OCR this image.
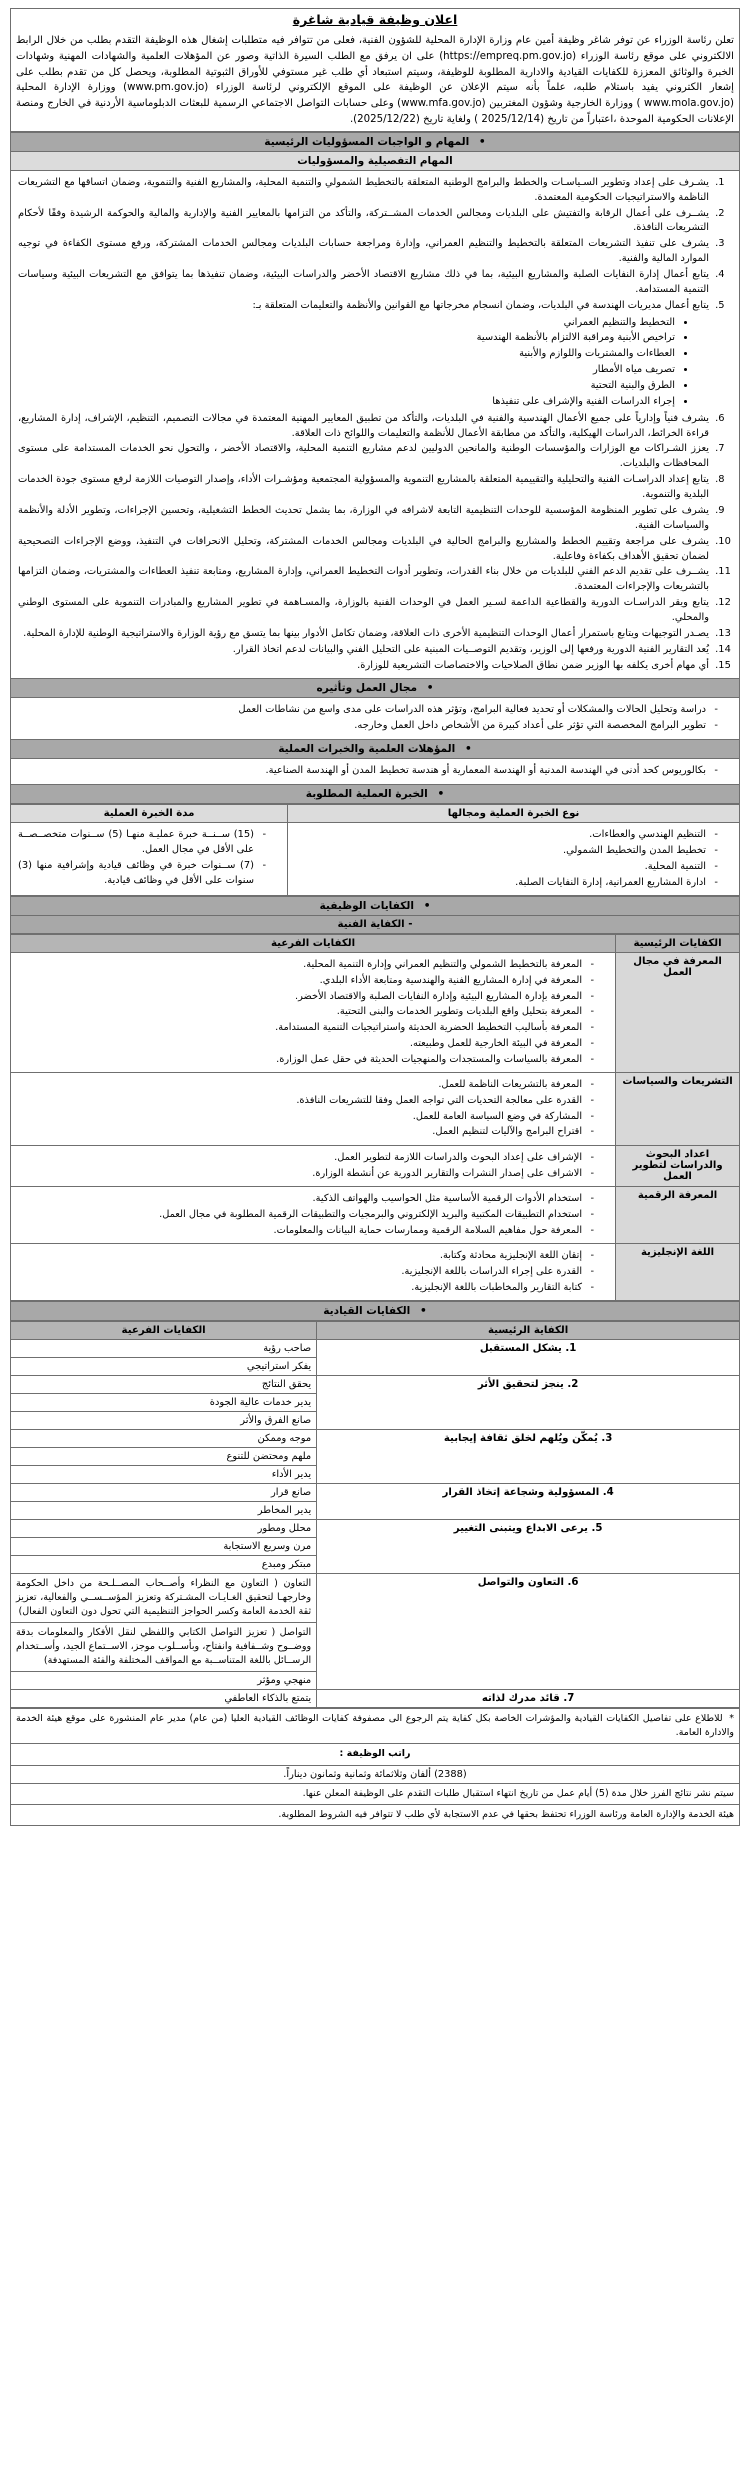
اعلان وظيفة قيادية شاغرة
تعلن رئاسة الوزراء عن توفر شاغر وظيفة أمين عام وزارة الإدارة المحلية للشؤون الفنية، فعلى من تتوافر فيه متطلبات إشغال هذه الوظيفة التقدم بطلب من خلال الرابط الالكتروني على موقع رئاسة الوزراء (https://empreq.pm.gov.jo) على ان يرفق مع الطلب السيرة الذاتية وصور عن المؤهلات العلمية والشهادات المهنية وشهادات الخبرة والوثائق المعززة للكفايات القيادية والادارية المطلوبة للوظيفة، وسيتم استبعاد أي طلب غير مستوفي للأوراق الثبوتية المطلوبة، ويحصل كل من تقدم بطلب على إشعار الكتروني يفيد باستلام طلبه، علماً بأنه سيتم الإعلان عن الوظيفة على الموقع الإلكتروني لرئاسة الوزراء (www.pm.gov.jo) ووزارة الإدارة المحلية (www.mola.gov.jo ) ووزارة الخارجية وشؤون المغتربين (www.mfa.gov.jo) وعلى حسابات التواصل الاجتماعي الرسمية للبعثات الدبلوماسية الأردنية في الخارج ومنصة الإعلانات الحكومية الموحدة ،اعتباراً من تاريخ (2025/12/14 ) ولغاية تاريخ (2025/12/22).
• المهام و الواجبات المسؤوليات الرئيسية
المهام التفصيلية والمسؤوليات

1. يشـرف على إعداد وتطوير السـياسـات والخطط والبرامج الوطنية المتعلقة بالتخطيط الشمولي والتنمية المحلية، والمشاريع الفنية والتنموية، وضمان اتساقها مع التشريعات الناظمة والاستراتيجيات الحكومية المعتمدة.
2. يشــرف على أعمال الرقابة والتفتيش على البلديات ومجالس الخدمات المشــتركة، والتأكد من التزامها بالمعايير الفنية والإدارية والمالية والحوكمة الرشيدة وفقًا لأحكام التشريعات النافذة.
3. يشرف على تنفيذ التشريعات المتعلقة بالتخطيط والتنظيم العمراني، وإدارة ومراجعة حسابات البلديات ومجالس الخدمات المشتركة، ورفع مستوى الكفاءة في توجيه الموارد المالية والفنية.
4. يتابع أعمال إدارة النفايات الصلبة والمشاريع البيئية، بما في ذلك مشاريع الاقتصاد الأخضر والدراسات البيئية، وضمان تنفيذها بما يتوافق مع التشريعات البيئية وسياسات التنمية المستدامة.
5. يتابع أعمال مديريات الهندسة في البلديات، وضمان انسجام مخرجاتها مع القوانين والأنظمة والتعليمات المتعلقة بـ:
• التخطيط والتنظيم العمراني
• تراخيص الأبنية ومراقبة الالتزام بالأنظمة الهندسية
• العطاءات والمشتريات واللوازم والأبنية
• تصريف مياه الأمطار
• الطرق والبنية التحتية
• إجراء الدراسات الفنية والإشراف على تنفيذها
6. يشرف فنياً وإدارياً على جميع الأعمال الهندسية والفنية في البلديات، والتأكد من تطبيق المعايير المهنية المعتمدة في مجالات التصميم، التنظيم، الإشراف، إدارة المشاريع، قراءة الخرائط، الدراسات الهيكلية، والتأكد من مطابقة الأعمال للأنظمة والتعليمات واللوائح ذات العلاقة.
7. يعزز الشـراكات مع الوزارات والمؤسسات الوطنية والمانحين الدوليين لدعم مشاريع التنمية المحلية، والاقتصاد الأخضر ، والتحول نحو الخدمات المستدامة على مستوى المحافظات والبلديات.
8. يتابع إعداد الدراسـات الفنية والتحليلية والتقييمية المتعلقة بالمشاريع التنموية والمسؤولية المجتمعية ومؤشـرات الأداء، وإصدار التوصيات اللازمة لرفع مستوى جودة الخدمات البلدية والتنموية.
9. يشرف على تطوير المنظومة المؤسسية للوحدات التنظيمية التابعة لاشرافه في الوزارة، بما يشمل تحديث الخطط التشغيلية، وتحسين الإجراءات، وتطوير الأدلة والأنظمة والسياسات الفنية.
10. يشرف على مراجعة وتقييم الخطط والمشاريع والبرامج الحالية في البلديات ومجالس الخدمات المشتركة، وتحليل الانحرافات في التنفيذ، ووضع الإجراءات التصحيحية لضمان تحقيق الأهداف بكفاءة وفاعلية.
11. يشــرف على تقديم الدعم الفني للبلديات من خلال بناء القدرات، وتطوير أدوات التخطيط العمراني، وإدارة المشاريع، ومتابعة تنفيذ العطاءات والمشتريات، وضمان التزامها بالتشريعات والإجراءات المعتمدة.
12. يتابع ويقر الدراسـات الدورية والقطاعية الداعمة لسـير العمل في الوحدات الفنية بالوزارة، والمسـاهمة في تطوير المشاريع والمبادرات التنموية على المستوى الوطني والمحلي.
13. يصـدر التوجيهات ويتابع باستمرار أعمال الوحدات التنظيمية الأخرى ذات العلاقة، وضمان تكامل الأدوار بينها بما يتسق مع رؤية الوزارة والاستراتيجية الوطنية للإدارة المحلية.
14. يُعد التقارير الفنية الدورية ورفعها إلى الوزير، وتقديم التوصــيات المبنية على التحليل الفني والبيانات لدعم اتخاذ القرار.
15. أي مهام أخرى يكلفه بها الوزير ضمن نطاق الصلاحيات والاختصاصات التشريعية للوزارة.

• مجال العمل وتأثيره

- دراسة وتحليل الحالات والمشكلات أو تحديد فعالية البرامج، وتؤثر هذه الدراسات على مدى واسع من نشاطات العمل
- تطوير البرامج المخصصة التي تؤثر على أعداد كبيرة من الأشخاص داخل العمل وخارجه.

• المؤهلات العلمية والخبرات العملية

- بكالوريوس كحد أدنى في الهندسة المدنية أو الهندسة المعمارية أو هندسة تخطيط المدن أو الهندسة الصناعية.

• الخبرة العملية المطلوبة
نوع الخبرة العملية ومجالها	مدة الخبرة العملية

- التنظيم الهندسي والعطاءات.
- تخطيط المدن والتخطيط الشمولي.
- التنمية المحلية.
- ادارة المشاريع العمرانية، إدارة النفايات الصلبة.

- (15) ســنــة خبرة عمليـة منهـا (5) ســنوات متخصــصــة على الأقل في مجال العمل.
- (7) ســنوات خبرة في وظائف قيادية وإشرافية منها (3) سنوات على الأقل في وظائف قيادية.
• الكفايات الوظيفية
- الكفاية الفنية
الكفايات الرئيسية	الكفايات الفرعية
المعرفة في مجال العمل	
- المعرفة بالتخطيط الشمولي والتنظيم العمراني وإدارة التنمية المحلية.
- المعرفة في إدارة المشاريع الفنية والهندسية ومتابعة الأداء البلدي.
- المعرفة بإدارة المشاريع البيئية وإدارة النفايات الصلبة والاقتصاد الأخضر.
- المعرفة بتحليل واقع البلديات وتطوير الخدمات والبنى التحتية.
- المعرفة بأساليب التخطيط الحضرية الحديثة واستراتيجيات التنمية المستدامة.
- المعرفة في البيئة الخارجية للعمل وطبيعته.
- المعرفة بالسياسات والمستجدات والمنهجيات الحديثة في حقل عمل الوزارة.

التشريعات والسياسات	
- المعرفة بالتشريعات الناظمة للعمل.
- القدرة على معالجة التحديات التي تواجه العمل وفقا للتشريعات النافذة.
- المشاركة في وضع السياسة العامة للعمل.
- اقتراح البرامج والآليات لتنظيم العمل.

اعداد البحوث والدراسات لتطوير العمل	
- الإشراف على إعداد البحوث والدراسات اللازمة لتطوير العمل.
- الاشراف على إصدار النشرات والتقارير الدورية عن أنشطة الوزارة.

المعرفة الرقمية	
- استخدام الأدوات الرقمية الأساسية مثل الحواسيب والهواتف الذكية.
- استخدام التطبيقات المكتبية والبريد الإلكتروني والبرمجيات والتطبيقات الرقمية المطلوبة في مجال العمل.
- المعرفة حول مفاهيم السلامة الرقمية وممارسات حماية البيانات والمعلومات.

اللغة الإنجليزية	
- إتقان اللغة الإنجليزية محادثة وكتابة.
- القدرة على إجراء الدراسات باللغة الإنجليزية.
- كتابة التقارير والمخاطبات باللغة الإنجليزية.
• الكفايات القيادية
الكفاية الرئيسية	الكفايات الفرعية
1. يشكل المستقبل	صاحب رؤية
	يفكر استراتيجي
2. ينجز لتحقيق الأثر	يحقق النتائج
	يدير خدمات عالية الجودة
	صانع الفرق والأثر
3. يُمكّن ويُلهم لخلق ثقافة إيجابية	موجه وممكن
	ملهم ومحتضن للتنوع
	يدير الأداء
4. المسؤولية وشجاعة إتخاذ القرار	صانع قرار
	يدير المخاطر
5. يرعى الابداع ويتبنى التغيير	محلل ومطور
	مرن وسريع الاستجابة
	مبتكر ومبدع
6. التعاون والتواصل	التعاون ( التعاون مع النظراء وأصــحاب المصــلـحة من داخل الحكومة وخارجهـا لتحقيق الغـايـات المشـتركة وتعزيز المؤســســي والفعالية، تعزيز ثقة الخدمة العامة وكسر الحواجز التنظيمية التي تحول دون التعاون الفعال)
	التواصل ( تعزيز التواصل الكتابي واللفظي لنقل الأفكار والمعلومات بدقة ووضــوح وشــفافية وانفتاح، وبأســلوب موجز، الاســتماع الجيد، وأســتخدام الرســائل باللغة المتناســبة مع المواقف المختلفة والفئة المستهدفة)
	منهجي ومؤثر
7. قائد مدرك لذاته	يتمتع بالذكاء العاطفي
* للاطلاع على تفاصيل الكفايات القيادية والمؤشرات الخاصة بكل كفاية يتم الرجوع الى مصفوفة كفايات الوظائف القيادية العليا (من عام) مدير عام المنشورة على موقع هيئة الخدمة والادارة العامة.
راتب الوظيفة :
(2388) ألفان وثلاثمائة وثمانية وثمانون ديناراً.
سيتم نشر نتائج الفرز خلال مدة (5) أيام عمل من تاريخ انتهاء استقبال طلبات التقدم على الوظيفة المعلن عنها.
هيئة الخدمة والإدارة العامة ورئاسة الوزراء تحتفظ بحقها في عدم الاستجابة لأي طلب لا تتوافر فيه الشروط المطلوبة.
